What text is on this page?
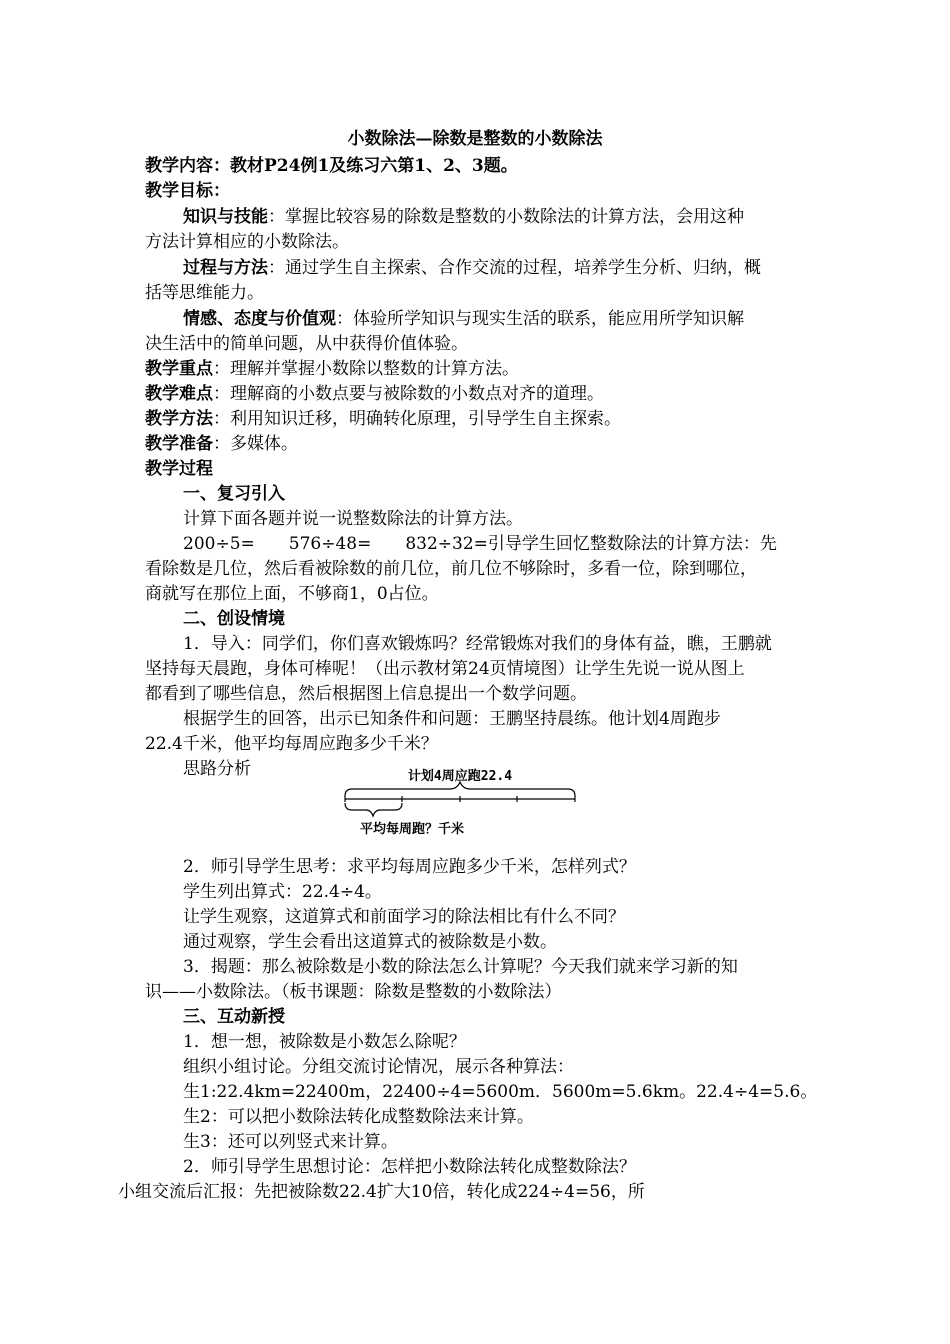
小数除法—除数是整数的小数除法
教学内容：教材P24例1及练习六第1、2、3题。
教学目标：
知识与技能：掌握比较容易的除数是整数的小数除法的计算方法，会用这种
方法计算相应的小数除法。
过程与方法：通过学生自主探索、合作交流的过程，培养学生分析、归纳，概
括等思维能力。
情感、态度与价值观：体验所学知识与现实生活的联系，能应用所学知识解
决生活中的简单问题，从中获得价值体验。
教学重点：理解并掌握小数除以整数的计算方法。
教学难点：理解商的小数点要与被除数的小数点对齐的道理。
教学方法：利用知识迁移，明确转化原理，引导学生自主探索。
教学准备：多媒体。
教学过程
一、复习引入
计算下面各题并说一说整数除法的计算方法。
200÷5=　　576÷48=　　832÷32=引导学生回忆整数除法的计算方法：先
看除数是几位，然后看被除数的前几位，前几位不够除时，多看一位，除到哪位，
商就写在那位上面，不够商1，0占位。
二、创设情境
1．导入：同学们，你们喜欢锻炼吗？经常锻炼对我们的身体有益，瞧，王鹏就
坚持每天晨跑，身体可棒呢！（出示教材第24页情境图）让学生先说一说从图上
都看到了哪些信息，然后根据图上信息提出一个数学问题。
根据学生的回答，出示已知条件和问题：王鹏坚持晨练。他计划4周跑步
22.4千米，他平均每周应跑多少千米？
思路分析	计划4周应跑22.4
平均每周跑？千米
2．师引导学生思考：求平均每周应跑多少千米，怎样列式？
学生列出算式：22.4÷4。
让学生观察，这道算式和前面学习的除法相比有什么不同？
通过观察，学生会看出这道算式的被除数是小数。
3．揭题：那么被除数是小数的除法怎么计算呢？今天我们就来学习新的知
识——小数除法。（板书课题：除数是整数的小数除法）
三、互动新授
1．想一想，被除数是小数怎么除呢？
组织小组讨论。分组交流讨论情况，展示各种算法：
生1:22.4km=22400m，22400÷4=5600m．5600m=5.6km。22.4÷4=5.6。
生2：可以把小数除法转化成整数除法来计算。
生3：还可以列竖式来计算。
2．师引导学生思想讨论：怎样把小数除法转化成整数除法？
小组交流后汇报：先把被除数22.4扩大10倍，转化成224÷4=56，所
